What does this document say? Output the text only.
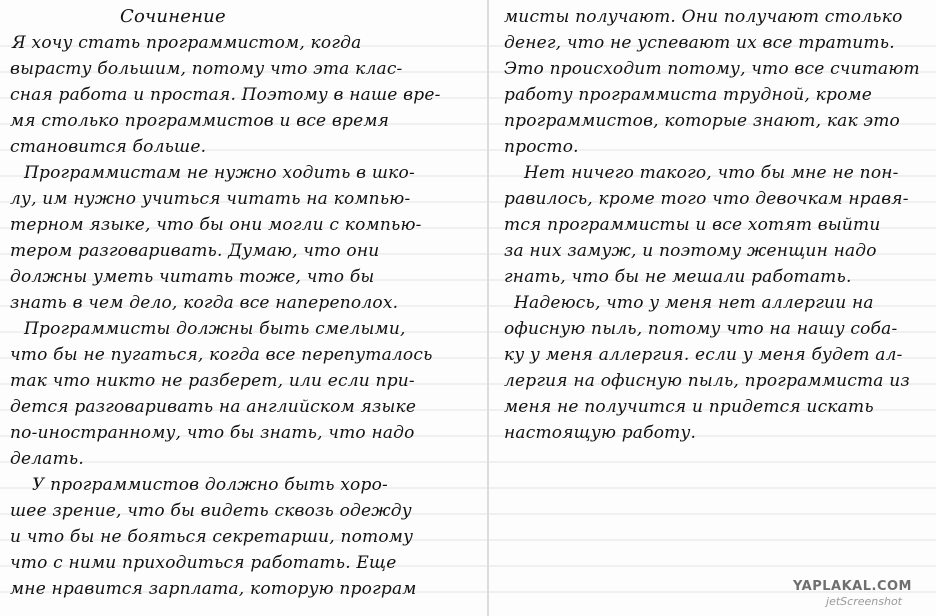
Сочинение
Я хочу стать программистом, когда
вырасту большим, потому что эта клас-
сная работа и простая. Поэтому в наше вре-
мя столько программистов и все время
становится больше.
Программистам не нужно ходить в шко-
лу, им нужно учиться читать на компью-
терном языке, что бы они могли с компью-
тером разговаривать. Думаю, что они
должны уметь читать тоже, что бы
знать в чем дело, когда все напереполох.
Программисты должны быть смелыми,
что бы не пугаться, когда все перепуталось
так что никто не разберет, или если при-
дется разговаривать на английском языке
по-иностранному, что бы знать, что надо
делать.
У программистов должно быть хоро-
шее зрение, что бы видеть сквозь одежду
и что бы не бояться секретарши, потому
что с ними приходиться работать. Еще
мне нравится зарплата, которую програм
мисты получают. Они получают столько
денег, что не успевают их все тратить.
Это происходит потому, что все считают
работу программиста трудной, кроме
программистов, которые знают, как это
просто.
Нет ничего такого, что бы мне не пон-
равилось, кроме того что девочкам нравя-
тся программисты и все хотят выйти
за них замуж, и поэтому женщин надо
гнать, что бы не мешали работать.
Надеюсь, что у меня нет аллергии на
офисную пыль, потому что на нашу соба-
ку у меня аллергия. если у меня будет ал-
лергия на офисную пыль, программиста из
меня не получится и придется искать
настоящую работу.
YAPLAKAL.COM
jetScreenshot
